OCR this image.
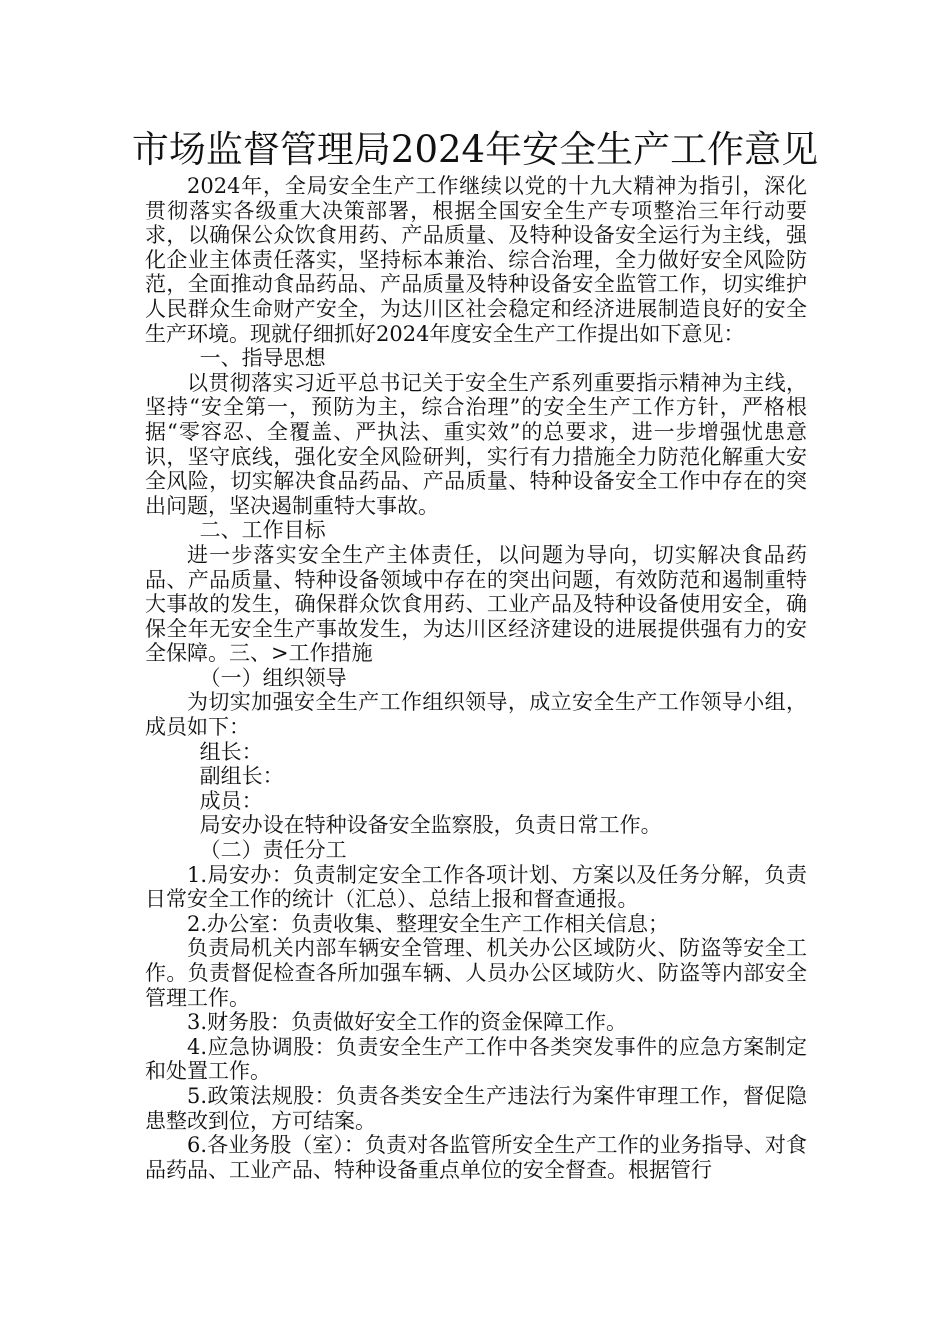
市场监督管理局2024年安全生产工作意见

2024年，全局安全生产工作继续以党的十九大精神为指引，深化贯彻落实各级重大决策部署，根据全国安全生产专项整治三年行动要求，以确保公众饮食用药、产品质量、及特种设备安全运行为主线，强化企业主体责任落实，坚持标本兼治、综合治理，全力做好安全风险防范，全面推动食品药品、产品质量及特种设备安全监管工作，切实维护人民群众生命财产安全，为达川区社会稳定和经济进展制造良好的安全生产环境。现就仔细抓好2024年度安全生产工作提出如下意见：

一、指导思想

以贯彻落实习近平总书记关于安全生产系列重要指示精神为主线，坚持“安全第一，预防为主，综合治理”的安全生产工作方针，严格根据“零容忍、全覆盖、严执法、重实效”的总要求，进一步增强忧患意识，坚守底线，强化安全风险研判，实行有力措施全力防范化解重大安全风险，切实解决食品药品、产品质量、特种设备安全工作中存在的突出问题，坚决遏制重特大事故。

二、工作目标

进一步落实安全生产主体责任，以问题为导向，切实解决食品药品、产品质量、特种设备领域中存在的突出问题，有效防范和遏制重特大事故的发生，确保群众饮食用药、工业产品及特种设备使用安全，确保全年无安全生产事故发生，为达川区经济建设的进展提供强有力的安全保障。三、>工作措施

（一）组织领导

为切实加强安全生产工作组织领导，成立安全生产工作领导小组，成员如下：

组长：

副组长：

成员：

局安办设在特种设备安全监察股，负责日常工作。

（二）责任分工

1.局安办：负责制定安全工作各项计划、方案以及任务分解，负责日常安全工作的统计（汇总）、总结上报和督查通报。

2.办公室：负责收集、整理安全生产工作相关信息；

负责局机关内部车辆安全管理、机关办公区域防火、防盗等安全工作。负责督促检查各所加强车辆、人员办公区域防火、防盗等内部安全管理工作。

3.财务股：负责做好安全工作的资金保障工作。

4.应急协调股：负责安全生产工作中各类突发事件的应急方案制定和处置工作。

5.政策法规股：负责各类安全生产违法行为案件审理工作，督促隐患整改到位，方可结案。

6.各业务股（室）：负责对各监管所安全生产工作的业务指导、对食品药品、工业产品、特种设备重点单位的安全督查。根据管行
